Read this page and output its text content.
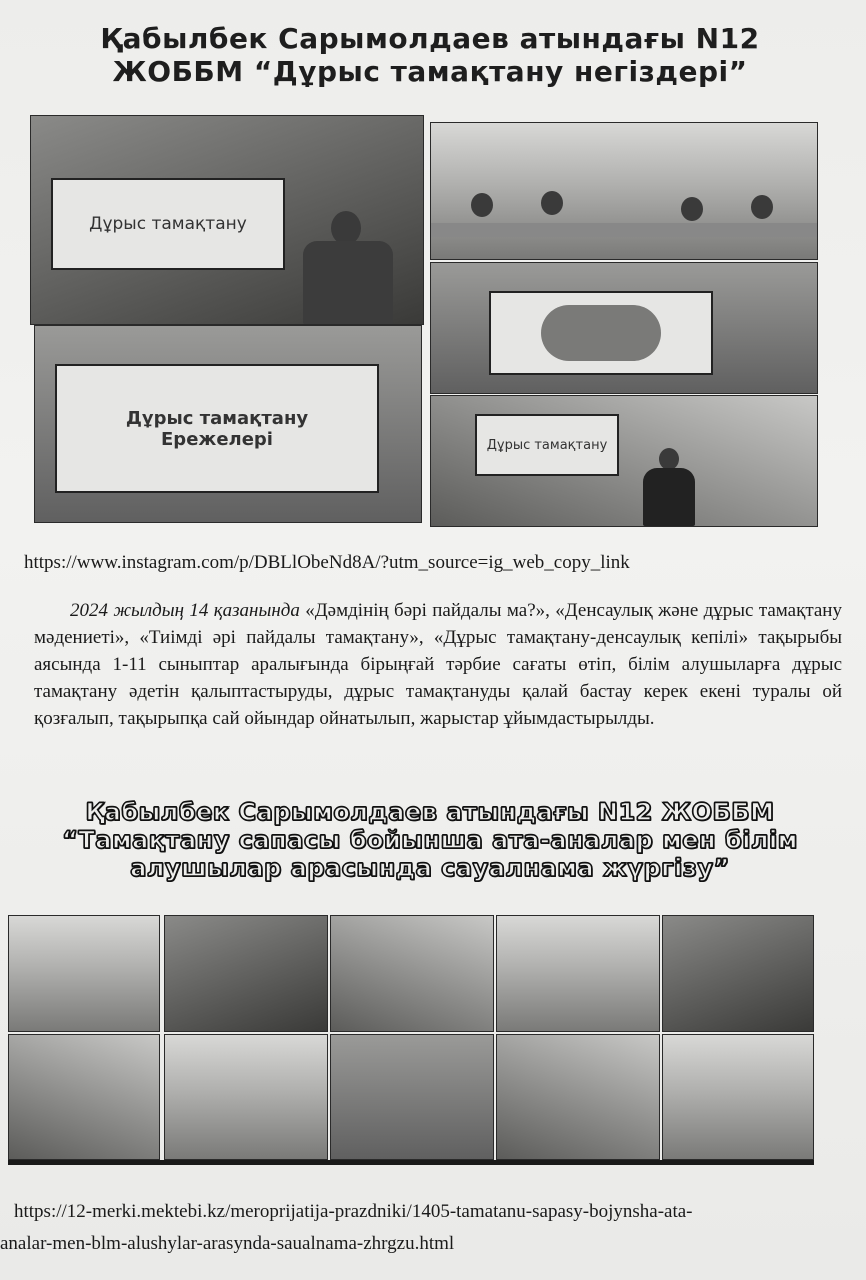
Қабылбек Сарымолдаев атындағы N12 ЖОББМ “Дұрыс тамақтану негіздері”
Дұрыс тамақтану
Дұрыс тамақтану Ережелері	Дұрыс тамақтану
https://www.instagram.com/p/DBLlObeNd8A/?utm_source=ig_web_copy_link
2024 жылдың 14 қазанында «Дәмдінің бәрі пайдалы ма?», «Денсаулық және дұрыс тамақтану мәдениеті», «Тиімді әрі пайдалы тамақтану», «Дұрыс тамақтану-денсаулық кепілі» тақырыбы аясында 1-11 сыныптар аралығында бірыңғай тәрбие сағаты өтіп, білім алушыларға дұрыс тамақтану әдетін қалыптастыруды, дұрыс тамақтануды қалай бастау керек екені туралы ой қозғалып, тақырыпқа сай ойындар ойнатылып, жарыстар ұйымдастырылды.
Қабылбек Сарымолдаев атындағы N12 ЖОББМ “Тамақтану сапасы бойынша ата-аналар мен білім алушылар арасында сауалнама жүргізу”
https://12-merki.mektebi.kz/meroprijatija-prazdniki/1405-tamatanu-sapasy-bojynsha-ata-
analar-men-blm-alushylar-arasynda-saualnama-zhrgzu.html
